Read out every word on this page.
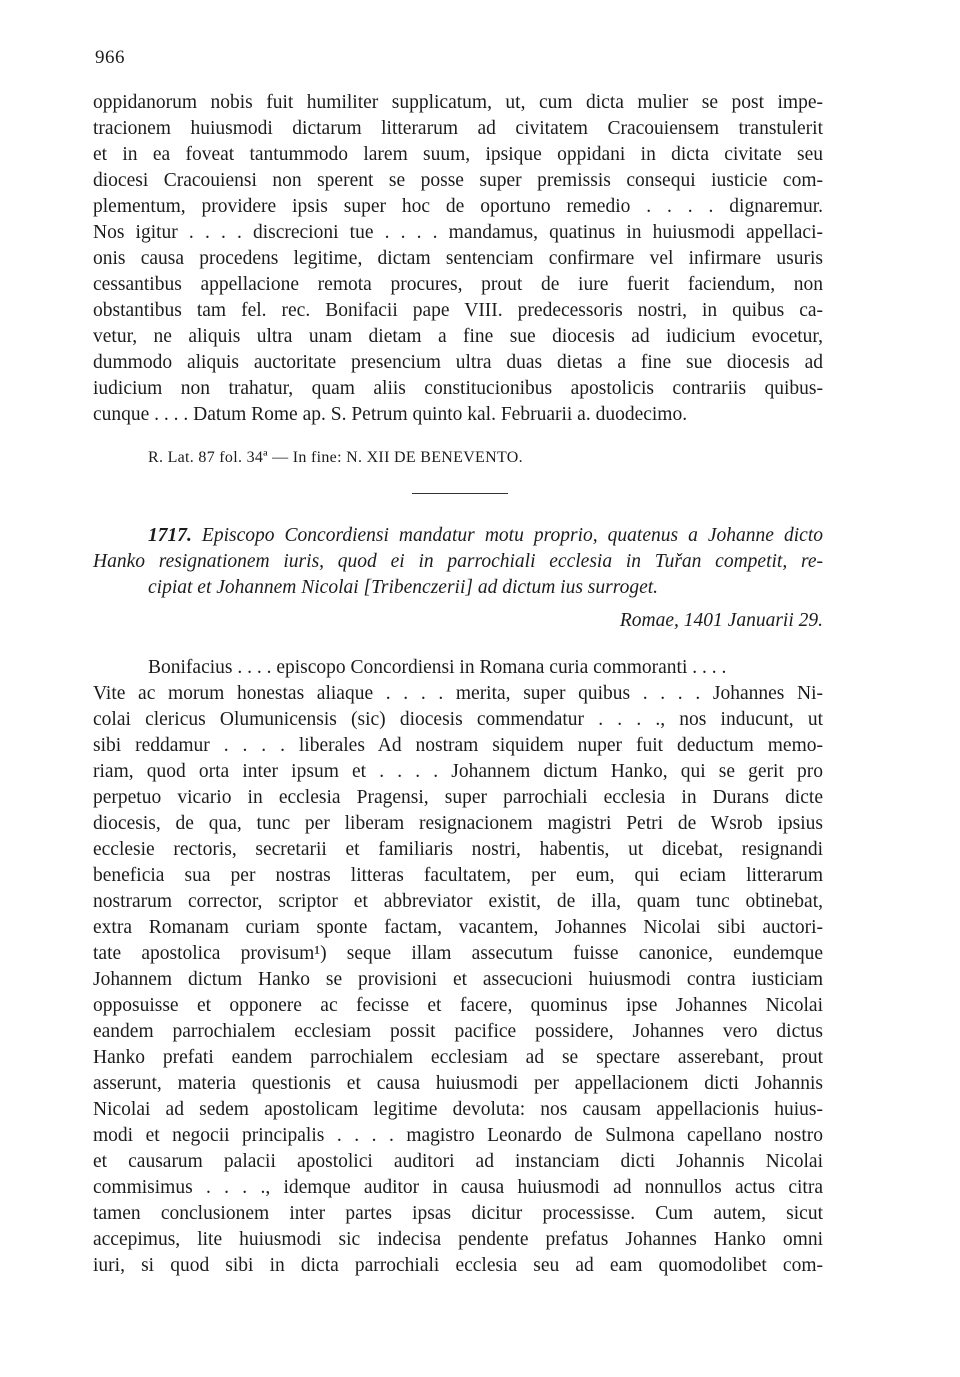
966
oppidanorum nobis fuit humiliter supplicatum, ut, cum dicta mulier se post impe-
tracionem huiusmodi dictarum litterarum ad civitatem Cracouiensem transtulerit
et in ea foveat tantummodo larem suum, ipsique oppidani in dicta civitate seu
diocesi Cracouiensi non sperent se posse super premissis consequi iusticie com-
plementum, providere ipsis super hoc de oportuno remedio . . . . dignaremur.
Nos igitur . . . . discrecioni tue . . . . mandamus, quatinus in huiusmodi appellaci-
onis causa procedens legitime, dictam sentenciam confirmare vel infirmare usuris
cessantibus appellacione remota procures, prout de iure fuerit faciendum, non
obstantibus tam fel. rec. Bonifacii pape VIII. predecessoris nostri, in quibus ca-
vetur, ne aliquis ultra unam dietam a fine sue diocesis ad iudicium evocetur,
dummodo aliquis auctoritate presencium ultra duas dietas a fine sue diocesis ad
iudicium non trahatur, quam aliis constitucionibus apostolicis contrariis quibus-
cunque . . . . Datum Rome ap. S. Petrum quinto kal. Februarii a. duodecimo.
R. Lat. 87 fol. 34ª — In fine: N. XII DE BENEVENTO.
1717. Episcopo Concordiensi mandatur motu proprio, quatenus a Johanne dicto
Hanko resignationem iuris, quod ei in parrochiali ecclesia in Tuřan competit, re-
cipiat et Johannem Nicolai [Tribenczerii] ad dictum ius surroget.
Romae, 1401 Januarii 29.
Bonifacius . . . . episcopo Concordiensi in Romana curia commoranti . . . .
Vite ac morum honestas aliaque . . . . merita, super quibus . . . . Johannes Ni-
colai clericus Olumunicensis (sic) diocesis commendatur . . . ., nos inducunt, ut
sibi reddamur . . . . liberales Ad nostram siquidem nuper fuit deductum memo-
riam, quod orta inter ipsum et . . . . Johannem dictum Hanko, qui se gerit pro
perpetuo vicario in ecclesia Pragensi, super parrochiali ecclesia in Durans dicte
diocesis, de qua, tunc per liberam resignacionem magistri Petri de Wsrob ipsius
ecclesie rectoris, secretarii et familiaris nostri, habentis, ut dicebat, resignandi
beneficia sua per nostras litteras facultatem, per eum, qui eciam litterarum
nostrarum corrector, scriptor et abbreviator existit, de illa, quam tunc obtinebat,
extra Romanam curiam sponte factam, vacantem, Johannes Nicolai sibi auctori-
tate apostolica provisum¹) seque illam assecutum fuisse canonice, eundemque
Johannem dictum Hanko se provisioni et assecucioni huiusmodi contra iusticiam
opposuisse et opponere ac fecisse et facere, quominus ipse Johannes Nicolai
eandem parrochialem ecclesiam possit pacifice possidere, Johannes vero dictus
Hanko prefati eandem parrochialem ecclesiam ad se spectare asserebant, prout
asserunt, materia questionis et causa huiusmodi per appellacionem dicti Johannis
Nicolai ad sedem apostolicam legitime devoluta: nos causam appellacionis huius-
modi et negocii principalis . . . . magistro Leonardo de Sulmona capellano nostro
et causarum palacii apostolici auditori ad instanciam dicti Johannis Nicolai
commisimus . . . ., idemque auditor in causa huiusmodi ad nonnullos actus citra
tamen conclusionem inter partes ipsas dicitur processisse. Cum autem, sicut
accepimus, lite huiusmodi sic indecisa pendente prefatus Johannes Hanko omni
iuri, si quod sibi in dicta parrochiali ecclesia seu ad eam quomodolibet com-
